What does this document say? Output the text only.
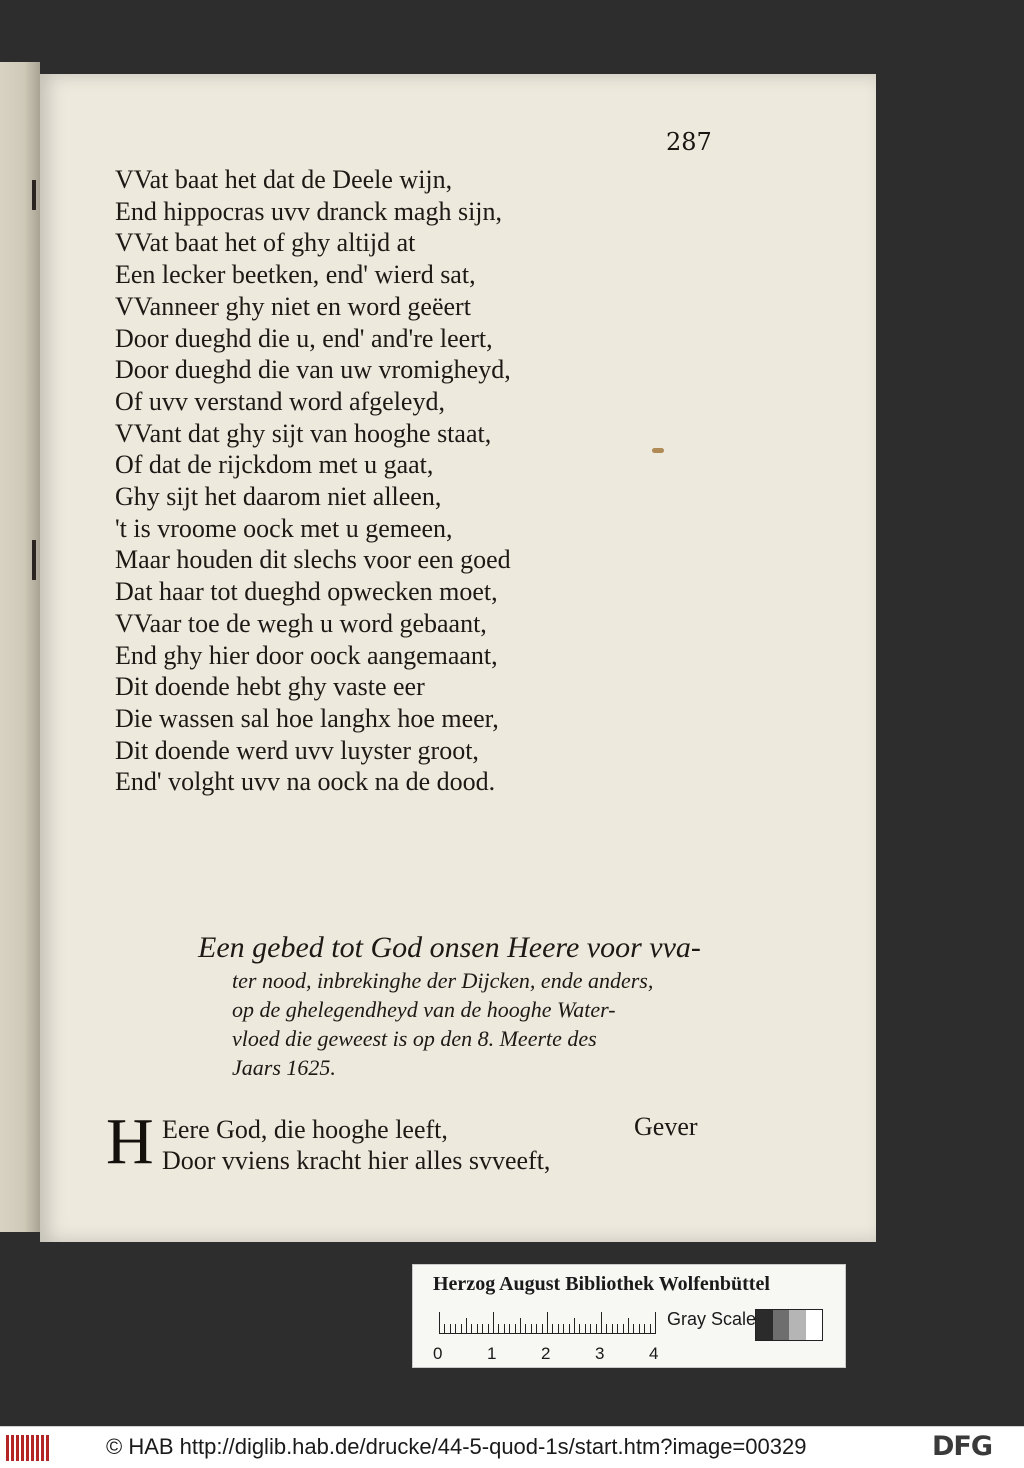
287
VVat baat het dat de Deele wijn,
End hippocras uvv dranck magh sijn,
VVat baat het of ghy altijd at
Een lecker beetken, end' wierd sat,
VVanneer ghy niet en word geëert
Door dueghd die u, end' and're leert,
Door dueghd die van uw vromigheyd,
Of uvv verstand word afgeleyd,
VVant dat ghy sijt van hooghe staat,
Of dat de rijckdom met u gaat,
Ghy sijt het daarom niet alleen,
't is vroome oock met u gemeen,
Maar houden dit slechs voor een goed
Dat haar tot dueghd opwecken moet,
VVaar toe de wegh u word gebaant,
End ghy hier door oock aangemaant,
Dit doende hebt ghy vaste eer
Die wassen sal hoe langhx hoe meer,
Dit doende werd uvv luyster groot,
End' volght uvv na oock na de dood.
Een gebed tot God onsen Heere voor vva-
ter nood, inbrekinghe der Dijcken, ende anders,
op de ghelegendheyd van de hooghe Water-
vloed die geweest is op den 8. Meerte des
Jaars 1625.
H Eere God, die hooghe leeft,
Door vviens kracht hier alles svveeft,
Gever
Herzog August Bibliothek Wolfenbüttel
Gray Scale
0	1	2	3	4
© HAB http://diglib.hab.de/drucke/44-5-quod-1s/start.htm?image=00329	DFG
